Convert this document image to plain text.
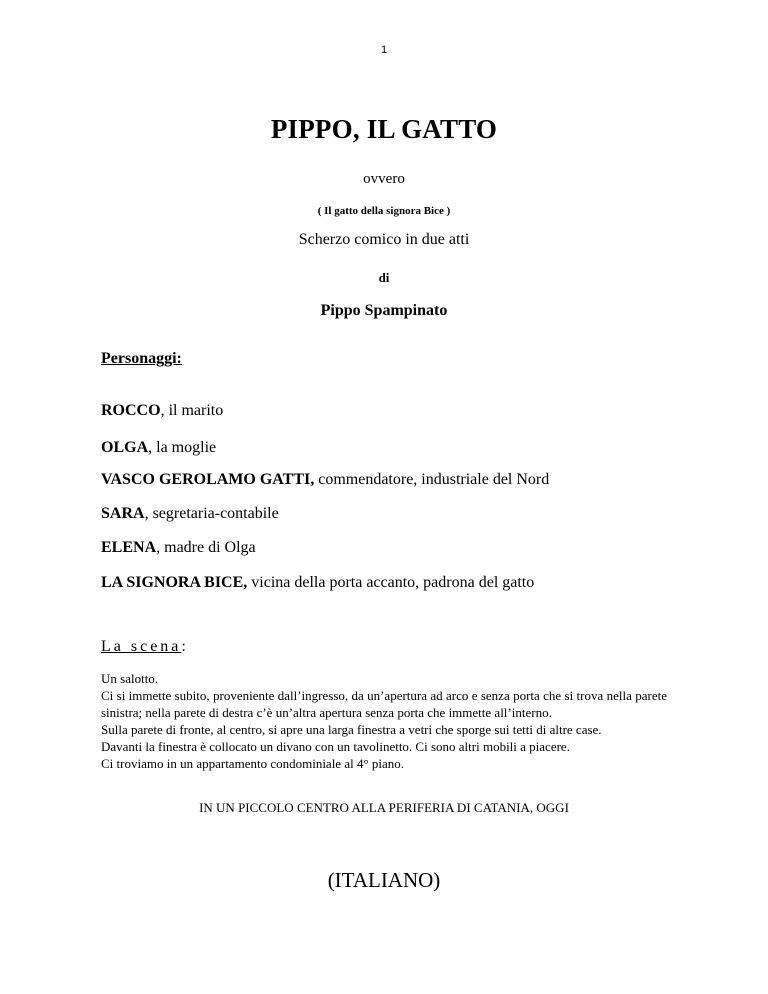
1
PIPPO, IL GATTO
ovvero
( Il gatto della signora Bice )
Scherzo comico in due atti
di
Pippo Spampinato
Personaggi:
ROCCO, il marito
OLGA, la moglie
VASCO GEROLAMO GATTI, commendatore, industriale del Nord
SARA, segretaria-contabile
ELENA, madre di Olga
LA SIGNORA BICE, vicina della porta accanto, padrona del gatto
La scena:

Un salotto.

Ci si immette subito, proveniente dall’ingresso, da un’apertura ad arco e senza porta che si trova nella parete sinistra; nella parete di destra c’è un’altra apertura senza porta che immette all’interno.

Sulla parete di fronte, al centro, si apre una larga finestra a vetri che sporge sui tetti di altre case.

Davanti la finestra è collocato un divano con un tavolinetto. Ci sono altri mobili a piacere.

Ci troviamo in un appartamento condominiale al 4° piano.

IN UN PICCOLO CENTRO ALLA PERIFERIA DI CATANIA, OGGI
(ITALIANO)
